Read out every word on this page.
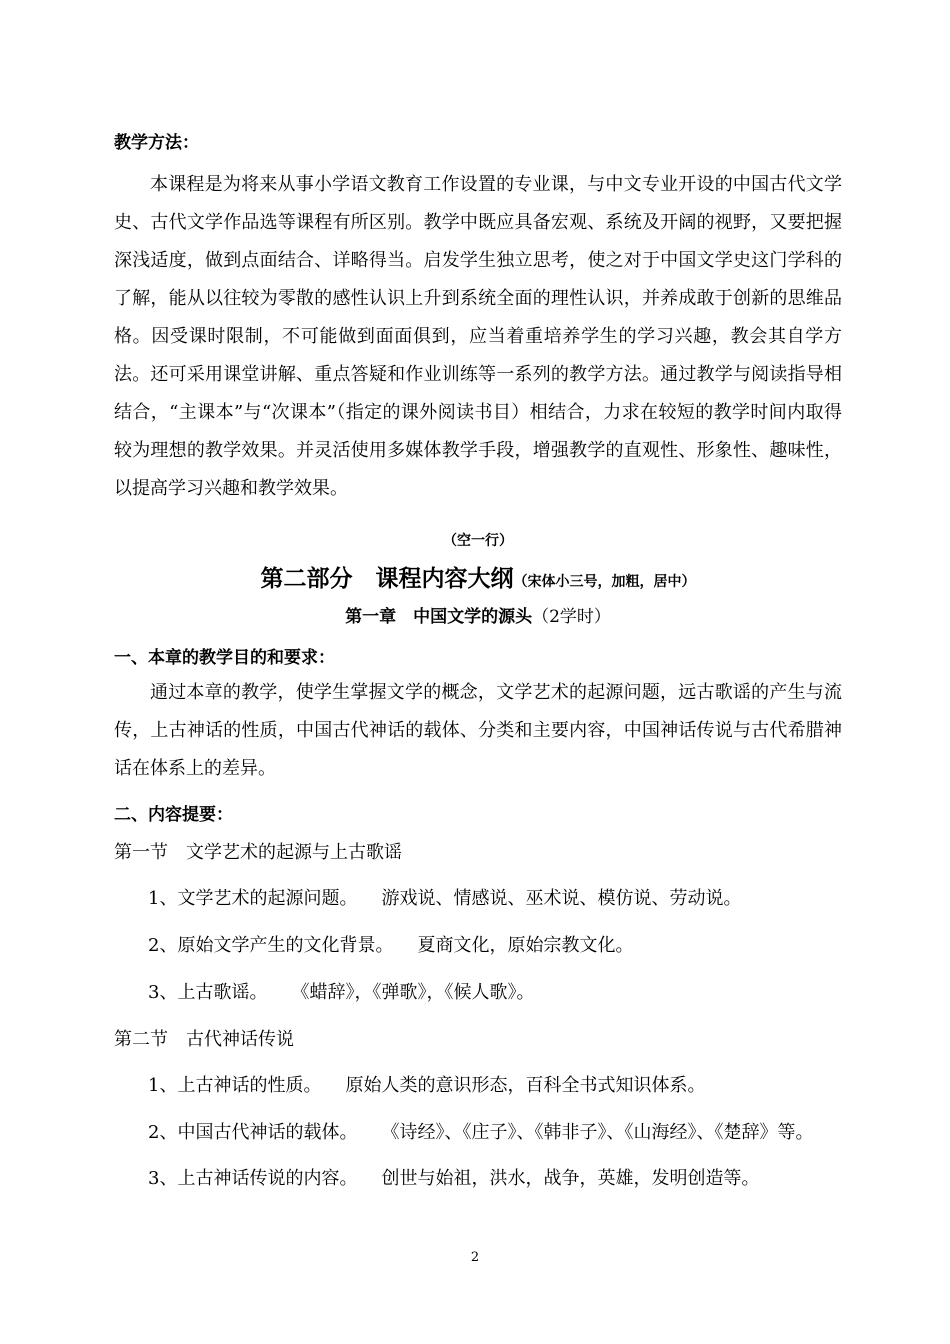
教学方法：

本课程是为将来从事小学语文教育工作设置的专业课，与中文专业开设的中国古代文学史、古代文学作品选等课程有所区别。教学中既应具备宏观、系统及开阔的视野，又要把握深浅适度，做到点面结合、详略得当。启发学生独立思考，使之对于中国文学史这门学科的了解，能从以往较为零散的感性认识上升到系统全面的理性认识，并养成敢于创新的思维品格。因受课时限制，不可能做到面面俱到，应当着重培养学生的学习兴趣，教会其自学方法。还可采用课堂讲解、重点答疑和作业训练等一系列的教学方法。通过教学与阅读指导相结合，“主课本”与“次课本”（指定的课外阅读书目）相结合，力求在较短的教学时间内取得较为理想的教学效果。并灵活使用多媒体教学手段，增强教学的直观性、形象性、趣味性，以提高学习兴趣和教学效果。

（空一行）
第二部分　课程内容大纲（宋体小三号，加粗，居中）
第一章　中国文学的源头（2学时）
一、本章的教学目的和要求：

通过本章的教学，使学生掌握文学的概念，文学艺术的起源问题，远古歌谣的产生与流传，上古神话的性质，中国古代神话的载体、分类和主要内容，中国神话传说与古代希腊神话在体系上的差异。

二、内容提要：
第一节　文学艺术的起源与上古歌谣
1、文学艺术的起源问题。 游戏说、情感说、巫术说、模仿说、劳动说。
2、原始文学产生的文化背景。 夏商文化，原始宗教文化。
3、上古歌谣。 《蜡辞》，《弹歌》，《候人歌》。
第二节　古代神话传说
1、上古神话的性质。 原始人类的意识形态，百科全书式知识体系。
2、中国古代神话的载体。 《诗经》、《庄子》、《韩非子》、《山海经》、《楚辞》等。
3、上古神话传说的内容。 创世与始祖，洪水，战争，英雄，发明创造等。
2
